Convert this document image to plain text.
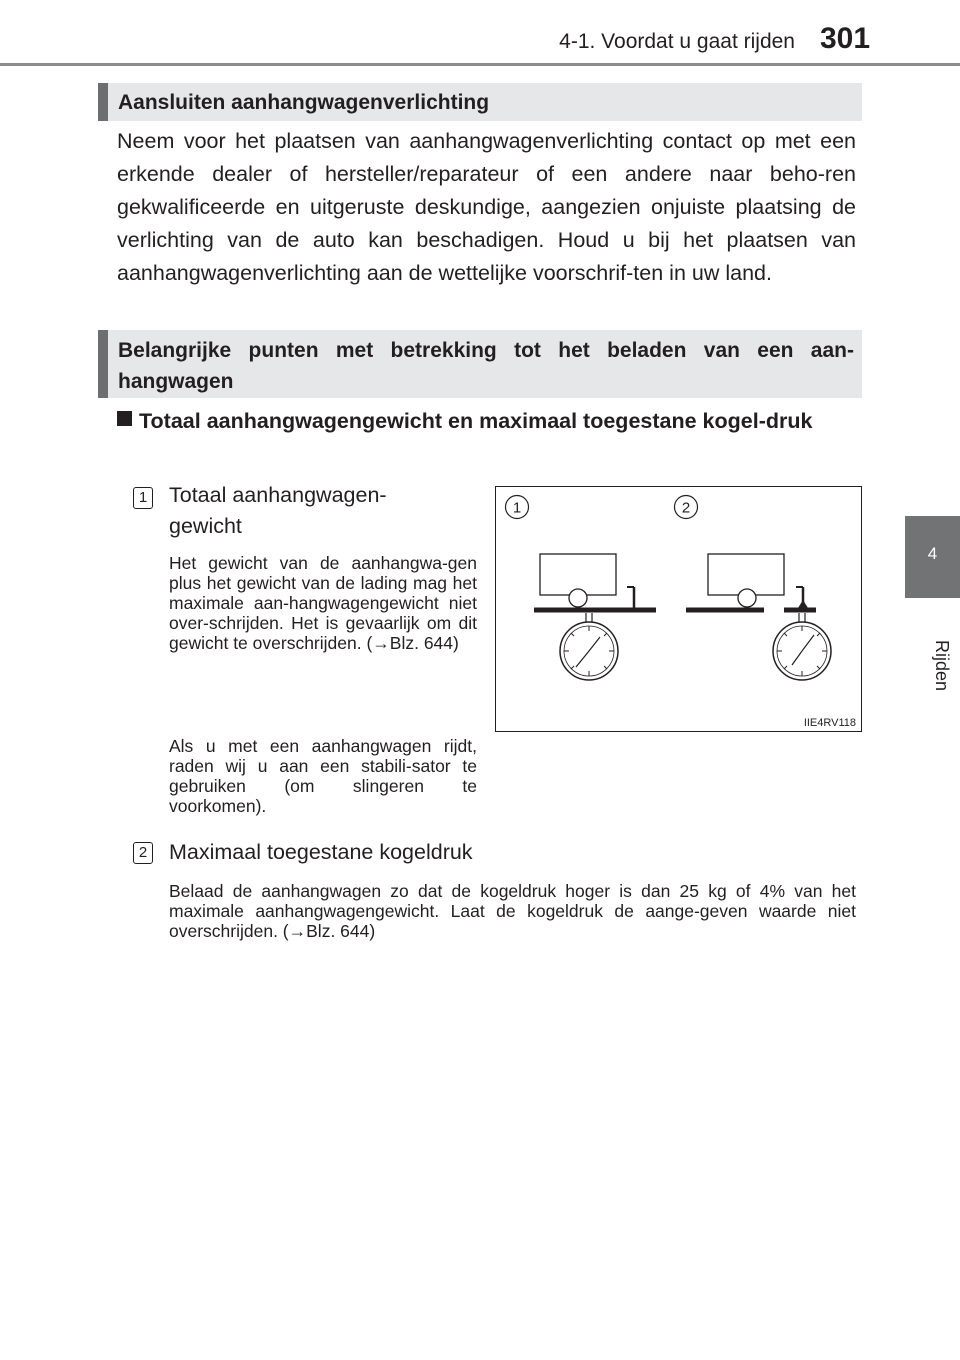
4-1. Voordat u gaat rijden 301
4
Rijden
Aansluiten aanhangwagenverlichting
Neem voor het plaatsen van aanhangwagenverlichting contact op met een erkende dealer of hersteller/reparateur of een andere naar beho-ren gekwalificeerde en uitgeruste deskundige, aangezien onjuiste plaatsing de verlichting van de auto kan beschadigen. Houd u bij het plaatsen van aanhangwagenverlichting aan de wettelijke voorschrif-ten in uw land.
Belangrijke punten met betrekking tot het beladen van een aan-hangwagen
Totaal aanhangwagengewicht en maximaal toegestane kogel-druk
1 Totaal aanhangwagen-gewicht
Het gewicht van de aanhangwa-gen plus het gewicht van de lading mag het maximale aan-hangwagengewicht niet over-schrijden. Het is gevaarlijk om dit gewicht te overschrijden. (→Blz. 644)
Als u met een aanhangwagen rijdt, raden wij u aan een stabili-sator te gebruiken (om slingeren te voorkomen).
2 Maximaal toegestane kogeldruk
Belaad de aanhangwagen zo dat de kogeldruk hoger is dan 25 kg of 4% van het maximale aanhangwagengewicht. Laat de kogeldruk de aange-geven waarde niet overschrijden. (→Blz. 644)
1	2
IIE4RV118
